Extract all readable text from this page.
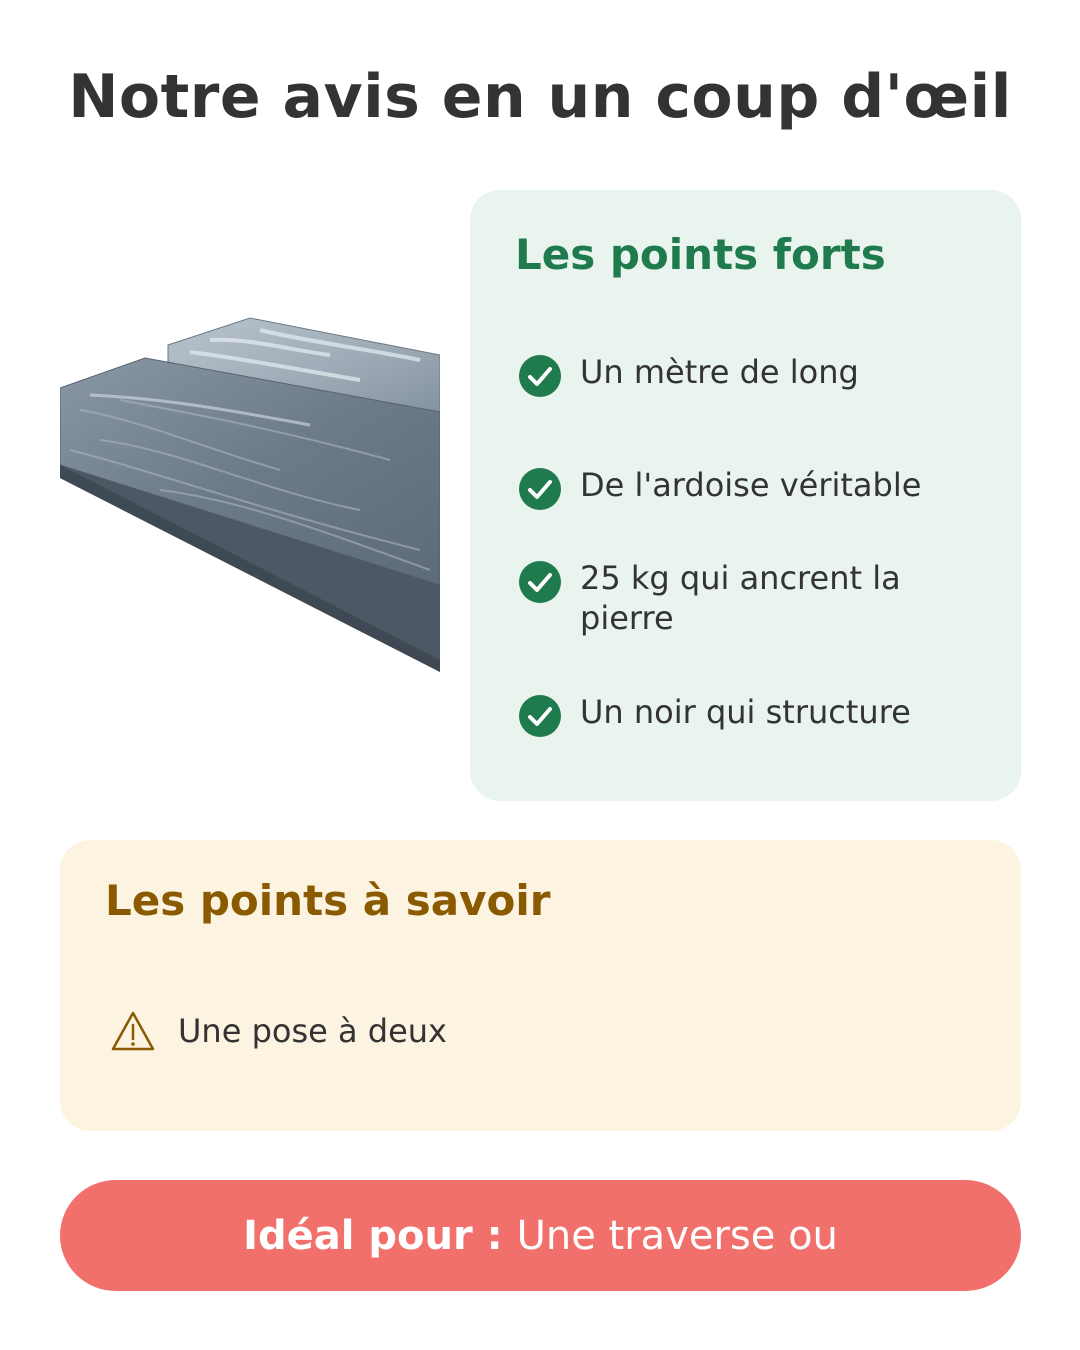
Notre avis en un coup d'œil
Les points forts
Un mètre de long
De l'ardoise véritable
25 kg qui ancrent la pierre
Un noir qui structure
Les points à savoir
Une pose à deux
Idéal pour : Une traverse ou
